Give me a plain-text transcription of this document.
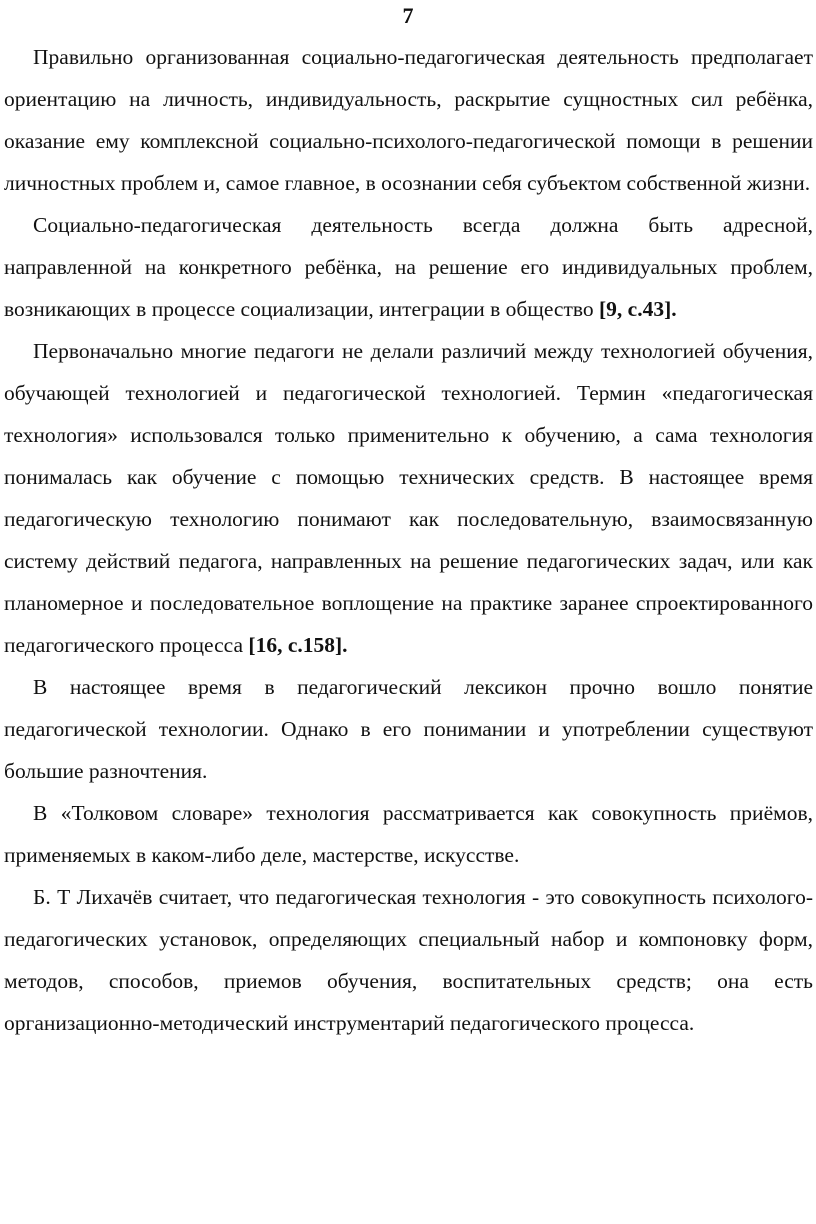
7

Правильно организованная социально-педагогическая деятельность предполагает ориентацию на личность, индивидуальность, раскрытие сущностных сил ребёнка, оказание ему комплексной социально-психолого-педагогической помощи в решении личностных проблем и, самое главное, в осознании себя субъектом собственной жизни.

Социально-педагогическая деятельность всегда должна быть адресной, направленной на конкретного ребёнка, на решение его индивидуальных проблем, возникающих в процессе социализации, интеграции в общество [9, с.43].

Первоначально многие педагоги не делали различий между технологией обучения, обучающей технологией и педагогической технологией. Термин «педагогическая технология» использовался только применительно к обучению, а сама технология понималась как обучение с помощью технических средств. В настоящее время педагогическую технологию понимают как последовательную, взаимосвязанную систему действий педагога, направленных на решение педагогических задач, или как планомерное и последовательное воплощение на практике заранее спроектированного педагогического процесса [16, с.158].

В настоящее время в педагогический лексикон прочно вошло понятие педагогической технологии. Однако в его понимании и употреблении существуют большие разночтения.

В «Толковом словаре» технология рассматривается как совокупность приёмов, применяемых в каком-либо деле, мастерстве, искусстве.

Б. Т Лихачёв считает, что педагогическая технология - это совокупность психолого-педагогических установок, определяющих специальный набор и компоновку форм, методов, способов, приемов обучения, воспитательных средств; она есть организационно-методический инструментарий педагогического процесса.
